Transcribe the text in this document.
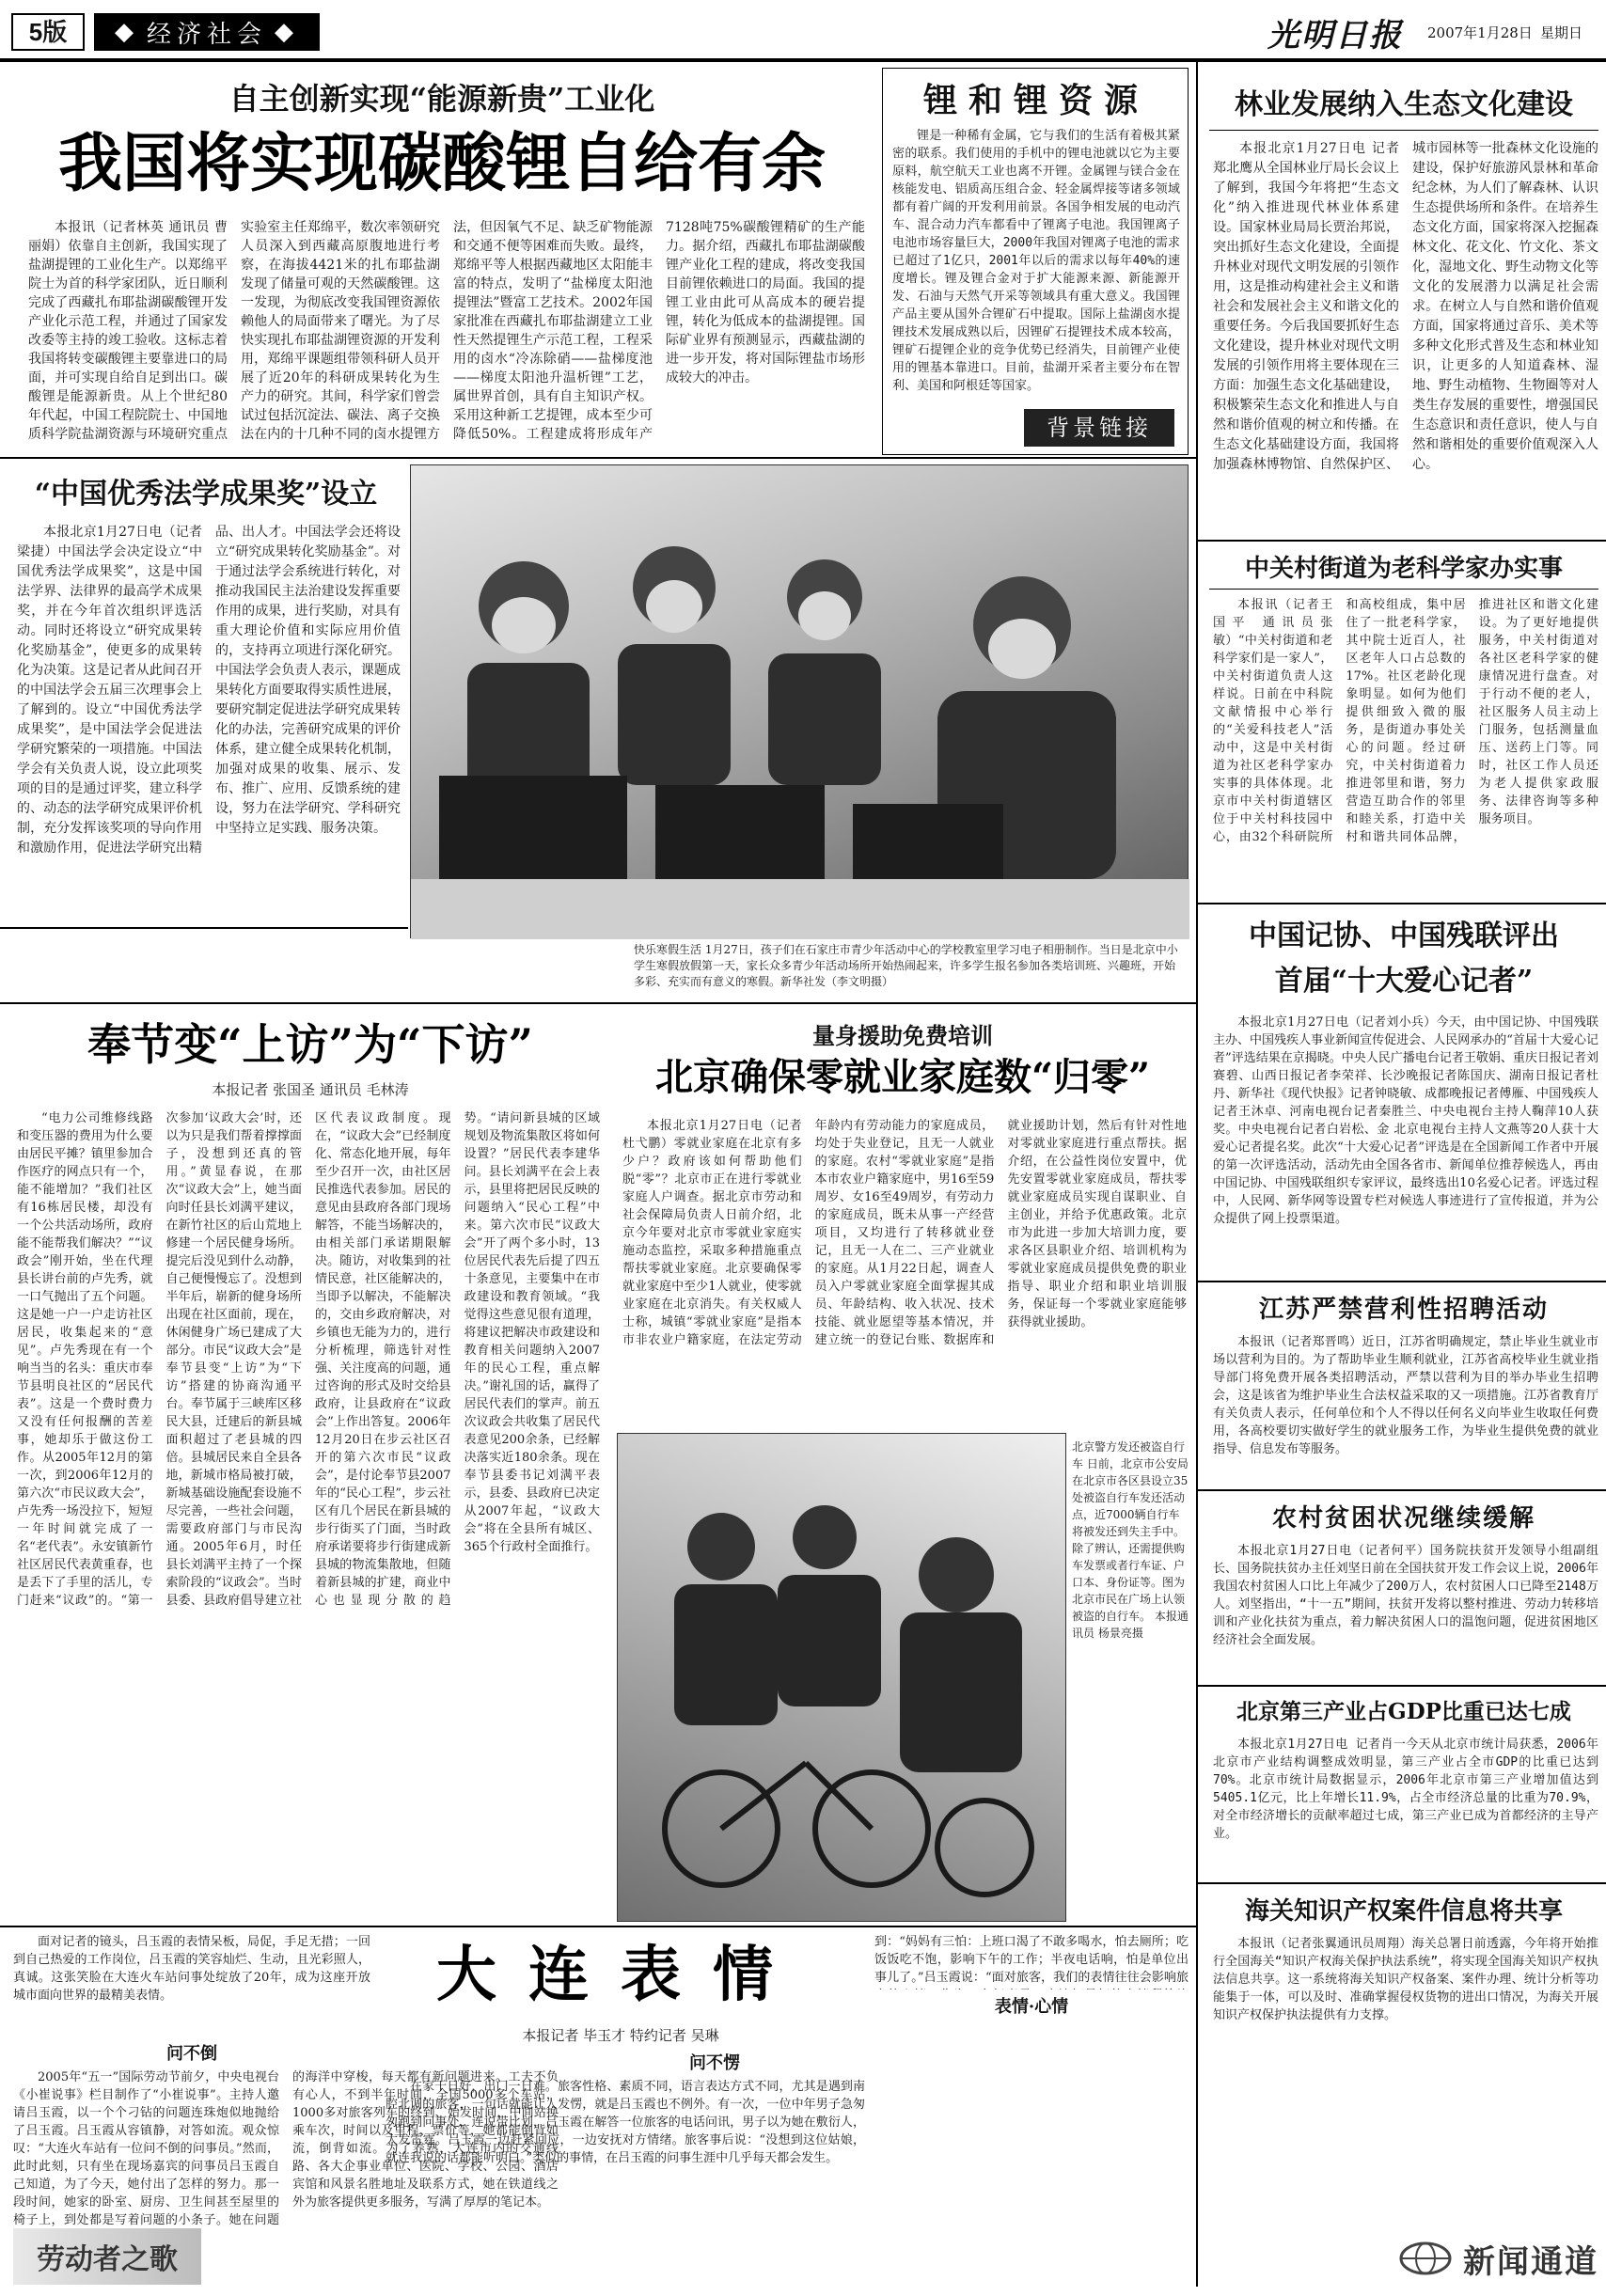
5版	◆ 经济社会 ◆	光明日报	2007年1月28日 星期日
自主创新实现“能源新贵”工业化
我国将实现碳酸锂自给有余
本报讯（记者林英 通讯员 曹丽娟）依靠自主创新，我国实现了盐湖提锂的工业化生产。以郑绵平院士为首的科学家团队，近日顺利完成了西藏扎布耶盐湖碳酸锂开发产业化示范工程，并通过了国家发改委等主持的竣工验收。这标志着我国将转变碳酸锂主要靠进口的局面，并可实现自给自足到出口。碳酸锂是能源新贵。从上个世纪80年代起，中国工程院院士、中国地质科学院盐湖资源与环境研究重点实验室主任郑绵平，数次率领研究人员深入到西藏高原腹地进行考察，在海拔4421米的扎布耶盐湖发现了储量可观的天然碳酸锂。这一发现，为彻底改变我国锂资源依赖他人的局面带来了曙光。为了尽快实现扎布耶盐湖锂资源的开发利用，郑绵平课题组带领科研人员开展了近20年的科研成果转化为生产力的研究。其间，科学家们曾尝试过包括沉淀法、碳法、离子交换法在内的十几种不同的卤水提锂方法，但因氧气不足、缺乏矿物能源和交通不便等困难而失败。最终，郑绵平等人根据西藏地区太阳能丰富的特点，发明了“盐梯度太阳池提锂法”暨富工艺技术。2002年国家批准在西藏扎布耶盐湖建立工业性天然提锂生产示范工程，工程采用的卤水“冷冻除硝——盐梯度池——梯度太阳池升温析锂”工艺，属世界首创，具有自主知识产权。采用这种新工艺提锂，成本至少可降低50%。工程建成将形成年产7128吨75%碳酸锂精矿的生产能力。据介绍，西藏扎布耶盐湖碳酸锂产业化工程的建成，将改变我国目前锂依赖进口的局面。我国的提锂工业由此可从高成本的硬岩提锂，转化为低成本的盐湖提锂。国际矿业界有预测显示，西藏盐湖的进一步开发，将对国际锂盐市场形成较大的冲击。
锂和锂资源
锂是一种稀有金属，它与我们的生活有着极其紧密的联系。我们使用的手机中的锂电池就以它为主要原料，航空航天工业也离不开锂。金属锂与镁合金在核能发电、铝质高压组合金、轻金属焊接等诸多领域都有着广阔的开发利用前景。各国争相发展的电动汽车、混合动力汽车都看中了锂离子电池。我国锂离子电池市场容量巨大，2000年我国对锂离子电池的需求已超过了1亿只，2001年以后的需求以每年40%的速度增长。锂及锂合金对于扩大能源来源、新能源开发、石油与天然气开采等领域具有重大意义。我国锂产品主要从国外合锂矿石中提取。国际上盐湖卤水提锂技术发展成熟以后，因锂矿石提锂技术成本较高，锂矿石提锂企业的竞争优势已经消失，目前锂产业使用的锂基本靠进口。目前，盐湖开采者主要分布在智利、美国和阿根廷等国家。
背景链接
林业发展纳入生态文化建设
本报北京1月27日电 记者郑北鹰从全国林业厅局长会议上了解到，我国今年将把“生态文化”纳入推进现代林业体系建设。国家林业局局长贾治邦说，突出抓好生态文化建设，全面提升林业对现代文明发展的引领作用，这是推动构建社会主义和谐社会和发展社会主义和谐文化的重要任务。今后我国要抓好生态文化建设，提升林业对现代文明发展的引领作用将主要体现在三方面：加强生态文化基础建设，积极繁荣生态文化和推进人与自然和谐价值观的树立和传播。在生态文化基础建设方面，我国将加强森林博物馆、自然保护区、城市园林等一批森林文化设施的建设，保护好旅游风景林和革命纪念林，为人们了解森林、认识生态提供场所和条件。在培养生态文化方面，国家将深入挖掘森林文化、花文化、竹文化、茶文化，湿地文化、野生动物文化等文化的发展潜力以满足社会需求。在树立人与自然和谐价值观方面，国家将通过音乐、美术等多种文化形式普及生态和林业知识，让更多的人知道森林、湿地、野生动植物、生物圈等对人类生存发展的重要性，增强国民生态意识和责任意识，使人与自然和谐相处的重要价值观深入人心。
“中国优秀法学成果奖”设立
本报北京1月27日电（记者梁捷）中国法学会决定设立“中国优秀法学成果奖”，这是中国法学界、法律界的最高学术成果奖，并在今年首次组织评选活动。同时还将设立“研究成果转化奖励基金”，使更多的成果转化为决策。这是记者从此间召开的中国法学会五届三次理事会上了解到的。设立“中国优秀法学成果奖”，是中国法学会促进法学研究繁荣的一项措施。中国法学会有关负责人说，设立此项奖项的目的是通过评奖，建立科学的、动态的法学研究成果评价机制，充分发挥该奖项的导向作用和激励作用，促进法学研究出精品、出人才。中国法学会还将设立“研究成果转化奖励基金”。对于通过法学会系统进行转化，对推动我国民主法治建设发挥重要作用的成果，进行奖励，对具有重大理论价值和实际应用价值的，支持再立项进行深化研究。中国法学会负责人表示，课题成果转化方面要取得实质性进展，要研究制定促进法学研究成果转化的办法，完善研究成果的评价体系，建立健全成果转化机制，加强对成果的收集、展示、发布、推广、应用、反馈系统的建设，努力在法学研究、学科研究中坚持立足实践、服务决策。
快乐寒假生活 1月27日，孩子们在石家庄市青少年活动中心的学校教室里学习电子相册制作。当日是北京中小学生寒假放假第一天，家长众多青少年活动场所开始热闹起来，许多学生报名参加各类培训班、兴趣班，开始多彩、充实而有意义的寒假。新华社发（李文明摄）
中关村街道为老科学家办实事
本报讯（记者王国平 通讯员张敏）“中关村街道和老科学家们是一家人”，中关村街道负责人这样说。日前在中科院文献情报中心举行的“关爱科技老人”活动中，这是中关村街道为社区老科学家办实事的具体体现。北京市中关村街道辖区位于中关村科技园中心，由32个科研院所和高校组成，集中居住了一批老科学家，其中院士近百人，社区老年人口占总数的17%。社区老龄化现象明显。如何为他们提供细致入微的服务，是街道办事处关心的问题。经过研究，中关村街道着力推进邻里和谐，努力营造互助合作的邻里和睦关系，打造中关村和谐共同体品牌，推进社区和谐文化建设。为了更好地提供服务，中关村街道对各社区老科学家的健康情况进行盘查。对于行动不便的老人，社区服务人员主动上门服务，包括测量血压、送药上门等。同时，社区工作人员还为老人提供家政服务、法律咨询等多种服务项目。
中国记协、中国残联评出
首届“十大爱心记者”
本报北京1月27日电（记者刘小兵）今天，由中国记协、中国残联主办、中国残疾人事业新闻宣传促进会、人民网承办的“首届十大爱心记者”评选结果在京揭晓。中央人民广播电台记者王敬娟、重庆日报记者刘赛碧、山西日报记者李荣祥、长沙晚报记者陈国庆、湖南日报记者杜丹、新华社《现代快报》记者钟晓敏、成都晚报记者傅雁、中国残疾人记者王沐卓、河南电视台记者秦胜兰、中央电视台主持人鞠萍10人获奖。中央电视台记者白岩松、金 北京电视台主持人文燕等20人获十大爱心记者提名奖。此次“十大爱心记者”评选是在全国新闻工作者中开展的第一次评选活动，活动先由全国各省市、新闻单位推荐候选人，再由中国记协、中国残联组织专家评议，最终选出10名爱心记者。评选过程中，人民网、新华网等设置专栏对候选人事迹进行了宣传报道，并为公众提供了网上投票渠道。
奉节变“上访”为“下访”
本报记者 张国圣 通讯员 毛林涛
“电力公司维修线路和变压器的费用为什么要由居民平摊？镇里参加合作医疗的网点只有一个，能不能增加？”我们社区有16栋居民楼，却没有一个公共活动场所，政府能不能帮我们解决？”“议政会”刚开始，坐在代理县长讲台前的卢先秀，就一口气抛出了五个问题。这是她一户一户走访社区居民，收集起来的“意见”。卢先秀现在有一个响当当的名头：重庆市奉节县明良社区的“居民代表”。这是一个费时费力又没有任何报酬的苦差事，她却乐于做这份工作。从2005年12月的第一次，到2006年12月的第六次“市民议政大会”，卢先秀一场没拉下，短短一年时间就完成了一名“老代表”。永安镇新竹社区居民代表黄重春，也是丢下了手里的活儿，专门赶来“议政”的。“第一次参加‘议政大会’时，还以为只是我们帮着撑撑面子，没想到还真的管用。”黄显春说，在那次“议政大会”上，她当面向时任县长刘满平建议，在新竹社区的后山荒地上修建一个居民健身场所。提完后没见到什么动静，自己便慢慢忘了。没想到半年后，崭新的健身场所出现在社区面前，现在，休闲健身广场已建成了大部分。市民“议政大会”是奉节县变“上访”为“下访”搭建的协商沟通平台。奉节属于三峡库区移民大县，迁建后的新县城面积超过了老县城的四倍。县城居民来自全县各地，新城市格局被打破，新城基础设施配套设施不尽完善，一些社会问题，需要政府部门与市民沟通。2005年6月，时任县长刘满平主持了一个探索阶段的“议政会”。当时县委、县政府倡导建立社区代表议政制度。现在，“议政大会”已经制度化、常态化地开展，每年至少召开一次，由社区居民推选代表参加。居民的意见由县政府各部门现场解答，不能当场解决的，由相关部门承诺期限解决。随访，对收集到的社情民意，社区能解决的，当即予以解决，不能解决的，交由乡政府解决，对乡镇也无能为力的，进行分析梳理，筛选针对性强、关注度高的问题，通过咨询的形式及时交给县政府，让县政府在“议政会”上作出答复。2006年12月20日在步云社区召开的第六次市民“议政会”，是付论奉节县2007年的“民心工程”，步云社区有几个居民在新县城的步行街买了门面，当时政府承诺要将步行街建成新县城的物流集散地，但随着新县城的扩建，商业中心也显现分散的趋势。“请问新县城的区域规划及物流集散区将如何设置？”居民代表李建华问。县长刘满平在会上表示，县里将把居民反映的问题纳入“民心工程”中来。第六次市民“议政大会”开了两个多小时，13位居民代表先后提了四五十条意见，主要集中在市政建设和教育领域。“我觉得这些意见很有道理，将建议把解决市政建设和教育相关问题纳入2007年的民心工程，重点解决。”谢礼国的话，赢得了居民代表们的掌声。前五次议政会共收集了居民代表意见200余条，已经解决落实近180余条。现在奉节县委书记刘满平表示，县委、县政府已决定从2007年起，“议政大会”将在全县所有城区、365个行政村全面推行。
量身援助免费培训
北京确保零就业家庭数“归零”
本报北京1月27日电（记者杜弋鹏）零就业家庭在北京有多少户？政府该如何帮助他们脱“零”？北京市正在进行零就业家庭人户调查。据北京市劳动和社会保障局负责人日前介绍，北京今年要对北京市零就业家庭实施动态监控，采取多种措施重点帮扶零就业家庭。北京要确保零就业家庭中至少1人就业，使零就业家庭在北京消失。有关权威人士称，城镇“零就业家庭”是指本市非农业户籍家庭，在法定劳动年龄内有劳动能力的家庭成员，均处于失业登记，且无一人就业的家庭。农村“零就业家庭”是指本市农业户籍家庭中，男16至59周岁、女16至49周岁，有劳动力的家庭成员，既未从事一产经营项目，又均进行了转移就业登记，且无一人在二、三产业就业的家庭。从1月22日起，调查人员入户零就业家庭全面掌握其成员、年龄结构、收入状况、技术技能、就业愿望等基本情况，并建立统一的登记台账、数据库和就业援助计划，然后有针对性地对零就业家庭进行重点帮扶。据介绍，在公益性岗位安置中，优先安置零就业家庭成员，帮扶零就业家庭成员实现自谋职业、自主创业，并给予优惠政策。北京市为此进一步加大培训力度，要求各区县职业介绍、培训机构为零就业家庭成员提供免费的职业指导、职业介绍和职业培训服务，保证每一个零就业家庭能够获得就业援助。
北京警方发还被盗自行车 日前，北京市公安局在北京市各区县设立35处被盗自行车发还活动点，近7000辆自行车将被发还到失主手中。除了辨认，还需提供购车发票或者行车证、户口本、身份证等。图为北京市民在广场上认领被盗的自行车。 本报通讯员 杨景亮摄
江苏严禁营利性招聘活动
本报讯（记者郑晋鸣）近日，江苏省明确规定，禁止毕业生就业市场以营利为目的。为了帮助毕业生顺利就业，江苏省高校毕业生就业指导部门将免费开展各类招聘活动，严禁以营利为目的举办毕业生招聘会，这是该省为维护毕业生合法权益采取的又一项措施。江苏省教育厅有关负责人表示，任何单位和个人不得以任何名义向毕业生收取任何费用，各高校要切实做好学生的就业服务工作，为毕业生提供免费的就业指导、信息发布等服务。
农村贫困状况继续缓解
本报北京1月27日电（记者何平）国务院扶贫开发领导小组副组长、国务院扶贫办主任刘坚日前在全国扶贫开发工作会议上说，2006年我国农村贫困人口比上年减少了200万人，农村贫困人口已降至2148万人。刘坚指出，“十一五”期间，扶贫开发将以整村推进、劳动力转移培训和产业化扶贫为重点，着力解决贫困人口的温饱问题，促进贫困地区经济社会全面发展。
北京第三产业占GDP比重已达七成
本报北京1月27日电 记者肖一今天从北京市统计局获悉，2006年北京市产业结构调整成效明显，第三产业占全市GDP的比重已达到70%。北京市统计局数据显示，2006年北京市第三产业增加值达到5405.1亿元，比上年增长11.9%，占全市经济总量的比重为70.9%，对全市经济增长的贡献率超过七成，第三产业已成为首都经济的主导产业。
海关知识产权案件信息将共享
本报讯（记者张翼通讯员周翔）海关总署日前透露，今年将开始推行全国海关“知识产权海关保护执法系统”，将实现全国海关知识产权执法信息共享。这一系统将海关知识产权备案、案件办理、统计分析等功能集于一体，可以及时、准确掌握侵权货物的进出口情况，为海关开展知识产权保护执法提供有力支撑。
新闻通道
面对记者的镜头，吕玉霞的表情呆板，局促，手足无措；一回到自己热爱的工作岗位，吕玉霞的笑容灿烂、生动，且光彩照人，真诚。这张笑脸在大连火车站问事处绽放了20年，成为这座开放城市面向世界的最精美表情。	大连表情
本报记者 毕玉才 特约记者 吴琳
问不倒
2005年“五一”国际劳动节前夕，中央电视台《小崔说事》栏目制作了“小崔说事”。主持人邀请吕玉霞，以一个个刁钻的问题连珠炮似地抛给了吕玉霞。吕玉霞从容镇静，对答如流。观众惊叹：“大连火车站有一位问不倒的问事员。”然而，此时此刻，只有坐在现场嘉宾的问事员吕玉霞自己知道，为了今天，她付出了怎样的努力。那一段时间，她家的卧室、厨房、卫生间甚至屋里的椅子上，到处都是写着问题的小条子。她在问题的海洋中穿梭，每天都有新问题进来。工夫不负有心人，不到半年时间，全国5000多个车站，1000多对旅客列车的终到、始发时间，中间站换乘车次，时间以及里程、票价等，她都能倒背如流，倒背如流。为了养熟，大连市内的交通线路、各大企事业单位、医院、学校、公园、酒店宾馆和风景名胜地址及联系方式，她在铁道线之外为旅客提供更多服务，写满了厚厚的笔记本。
问不愣
在家干日好，出门一日难。旅客性格、素质不同，语言表达方式不同，尤其是遇到南腔北调的旅客，一句话就能让人发愣，就是吕玉霞也不例外。有一次，一位中年男子急匆匆跑到问事处，连说带比划，吕玉霞在解答一位旅客的电话问讯，男子以为她在敷衍人，大发雷霆。吕玉霞一边赶紧回应，一边安抚对方情绪。旅客事后说：“没想到这位姑娘，就连我说的话都能听明白。”类似的事情，在吕玉霞的问事生涯中几乎每天都会发生。
表情·心情
到：“妈妈有三怕：上班口渴了不敢多喝水，怕去厕所；吃饭饭吃不饱，影响下午的工作；半夜电话响，怕是单位出事儿了。”吕玉霞说：“面对旅客，我们的表情往往会影响旅
劳动者之歌
